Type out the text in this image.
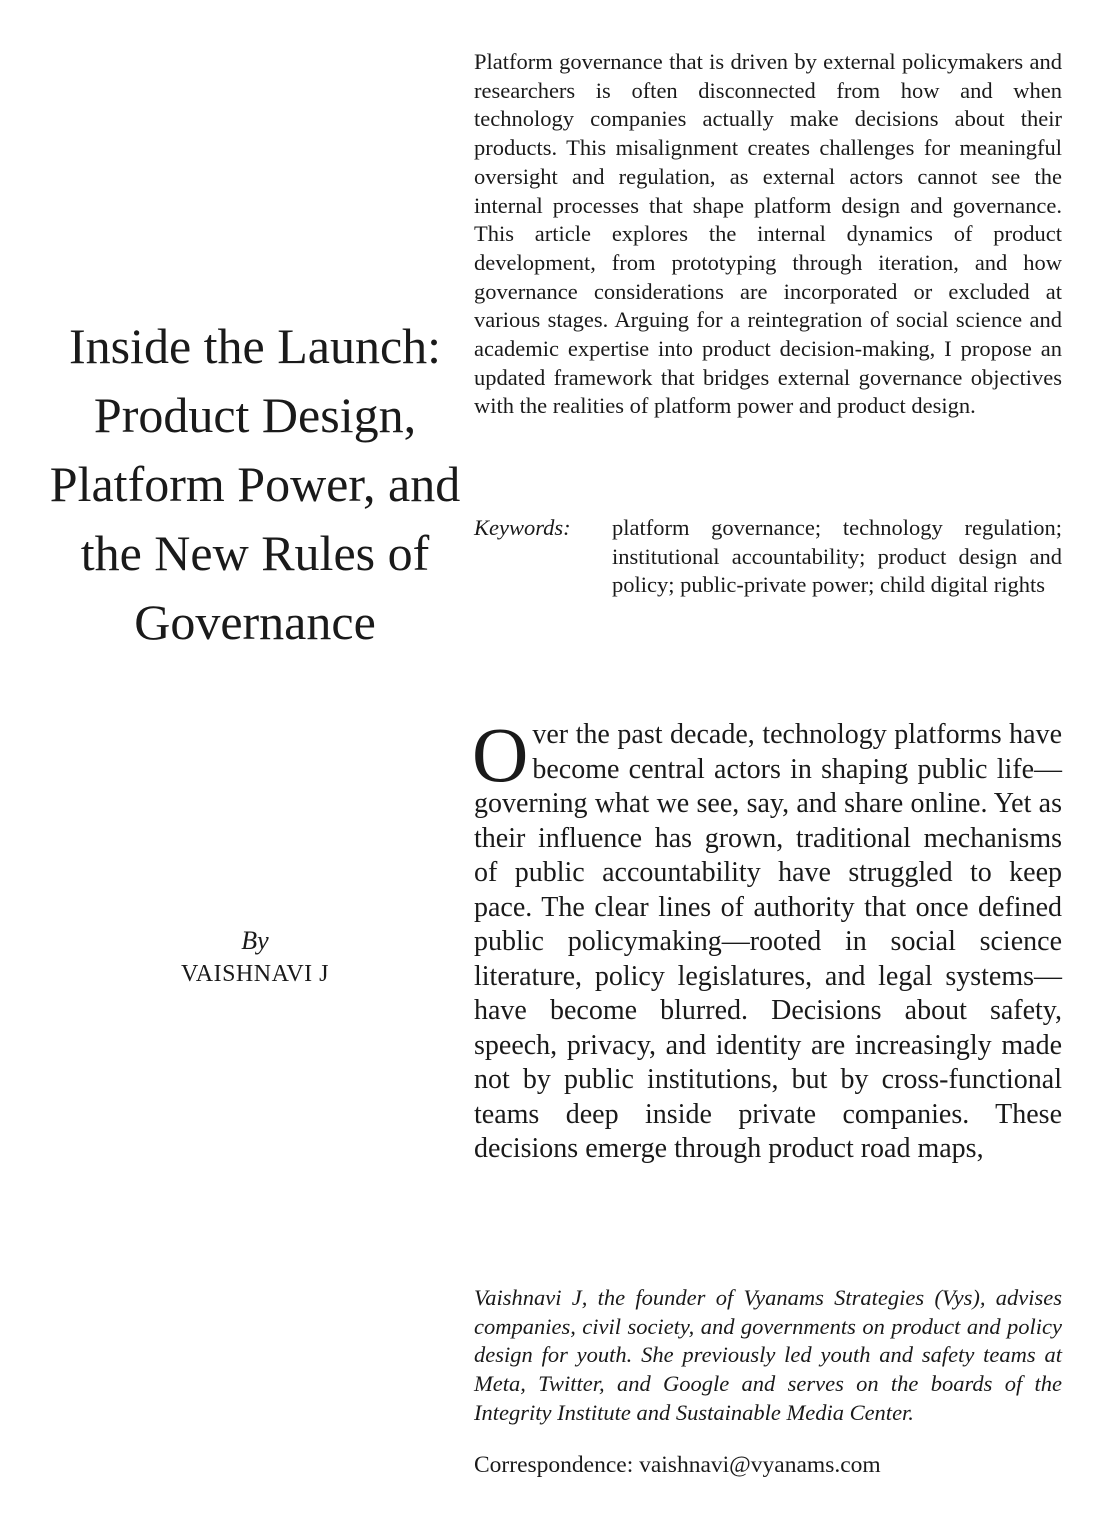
Inside the Launch: Product Design, Platform Power, and the New Rules of Governance
By
VAISHNAVI J

Platform governance that is driven by external policymakers and researchers is often disconnected from how and when technology companies actually make decisions about their products. This misalignment creates challenges for meaningful oversight and regulation, as external actors cannot see the internal processes that shape platform design and governance. This article explores the internal dynamics of product development, from prototyping through iteration, and how governance considerations are incorporated or excluded at various stages. Arguing for a reintegration of social science and academic expertise into product decision-making, I propose an updated framework that bridges external governance objectives with the realities of platform power and product design.

Keywords:	platform governance; technology regulation; institutional accountability; product design and policy; public-private power; child digital rights

Over the past decade, technology platforms have become central actors in shaping public life—governing what we see, say, and share online. Yet as their influence has grown, traditional mechanisms of public accountability have struggled to keep pace. The clear lines of authority that once defined public policymaking—rooted in social science literature, policy legislatures, and legal systems—have become blurred. Decisions about safety, speech, privacy, and identity are increasingly made not by public institutions, but by cross-functional teams deep inside private companies. These decisions emerge through product road maps,

Vaishnavi J, the founder of Vyanams Strategies (Vys), advises companies, civil society, and governments on product and policy design for youth. She previously led youth and safety teams at Meta, Twitter, and Google and serves on the boards of the Integrity Institute and Sustainable Media Center.

Correspondence: vaishnavi@vyanams.com
